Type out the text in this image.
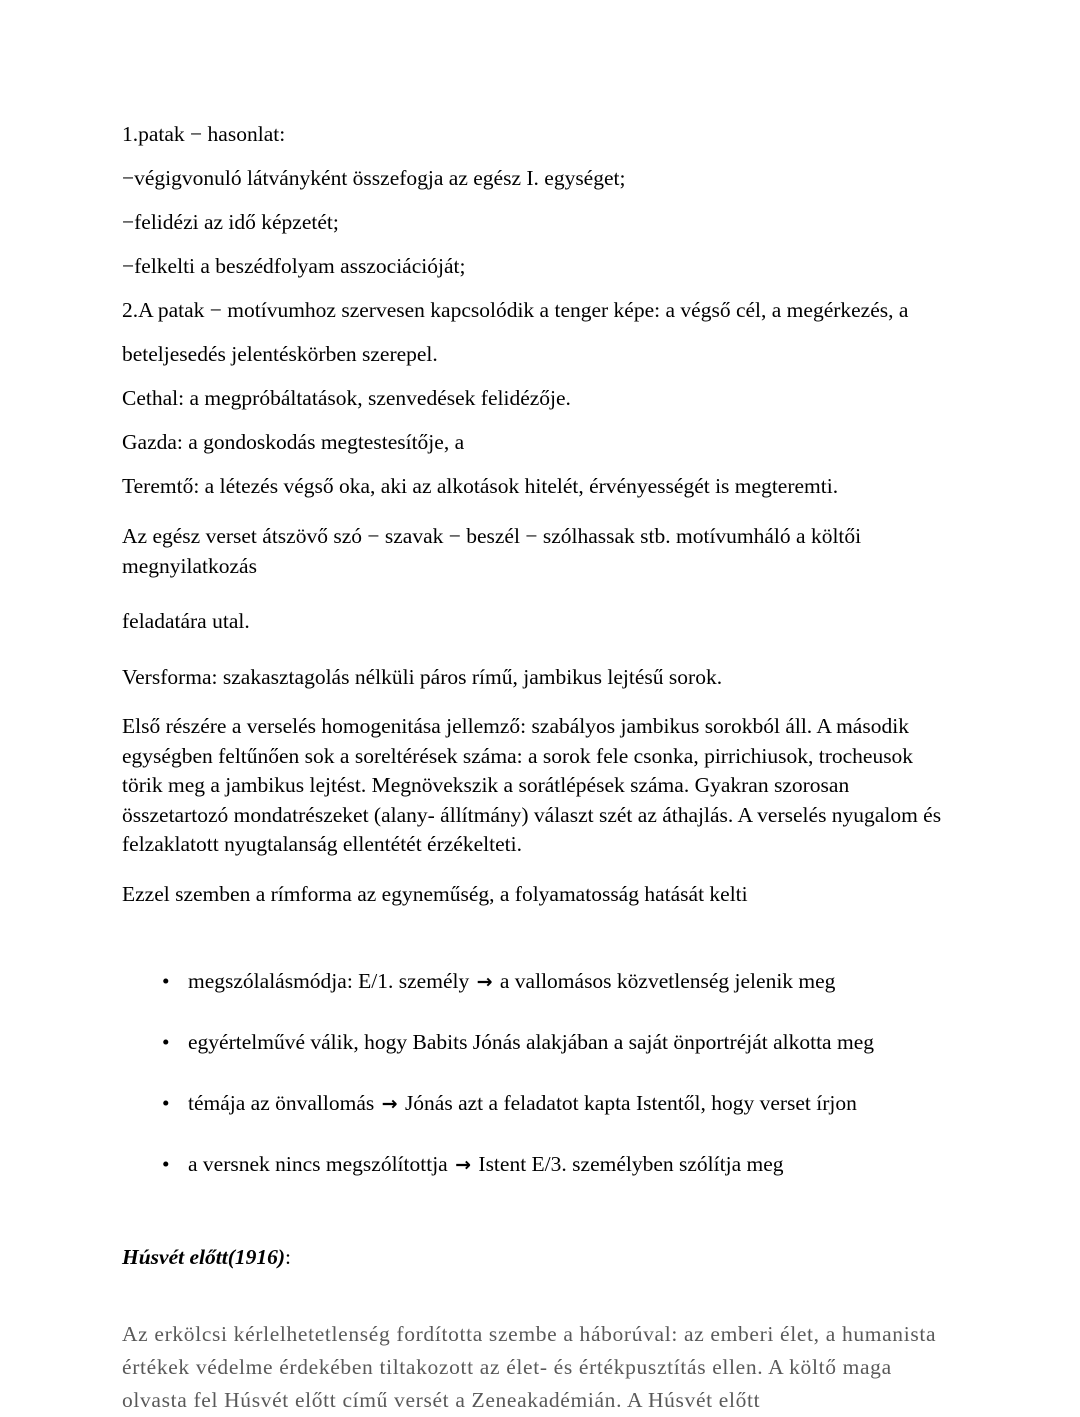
1.patak − hasonlat:

−végigvonuló látványként összefogja az egész I. egységet;

−felidézi az idő képzetét;

−felkelti a beszédfolyam asszociációját;

2.A patak − motívumhoz szervesen kapcsolódik a tenger képe: a végső cél, a megérkezés, a

beteljesedés jelentéskörben szerepel.

Cethal: a megpróbáltatások, szenvedések felidézője.

Gazda: a gondoskodás megtestesítője, a

Teremtő: a létezés végső oka, aki az alkotások hitelét, érvényességét is megteremti.

Az egész verset átszövő szó − szavak − beszél − szólhassak stb. motívumháló a költői megnyilatkozás

feladatára utal.

Versforma: szakasztagolás nélküli páros rímű, jambikus lejtésű sorok.

Első részére a verselés homogenitása jellemző: szabályos jambikus sorokból áll. A második egységben feltűnően sok a soreltérések száma: a sorok fele csonka, pirrichiusok, trocheusok törik meg a jambikus lejtést. Megnövekszik a sorátlépések száma. Gyakran szorosan összetartozó mondatrészeket (alany- állítmány) választ szét az áthajlás. A verselés nyugalom és felzaklatott nyugtalanság ellentétét érzékelteti.

Ezzel szemben a rímforma az egyneműség, a folyamatosság hatását kelti

• megszólalásmódja: E/1. személy → a vallomásos közvetlenség jelenik meg
• egyértelművé válik, hogy Babits Jónás alakjában a saját önportréját alkotta meg
• témája az önvallomás → Jónás azt a feladatot kapta Istentől, hogy verset írjon
• a versnek nincs megszólítottja → Istent E/3. személyben szólítja meg

Húsvét előtt(1916):

Az erkölcsi kérlelhetetlenség fordította szembe a háborúval: az emberi élet, a humanista értékek védelme érdekében tiltakozott az élet- és értékpusztítás ellen. A költő maga olvasta fel Húsvét előtt című versét a Zeneakadémián. A Húsvét előtt
